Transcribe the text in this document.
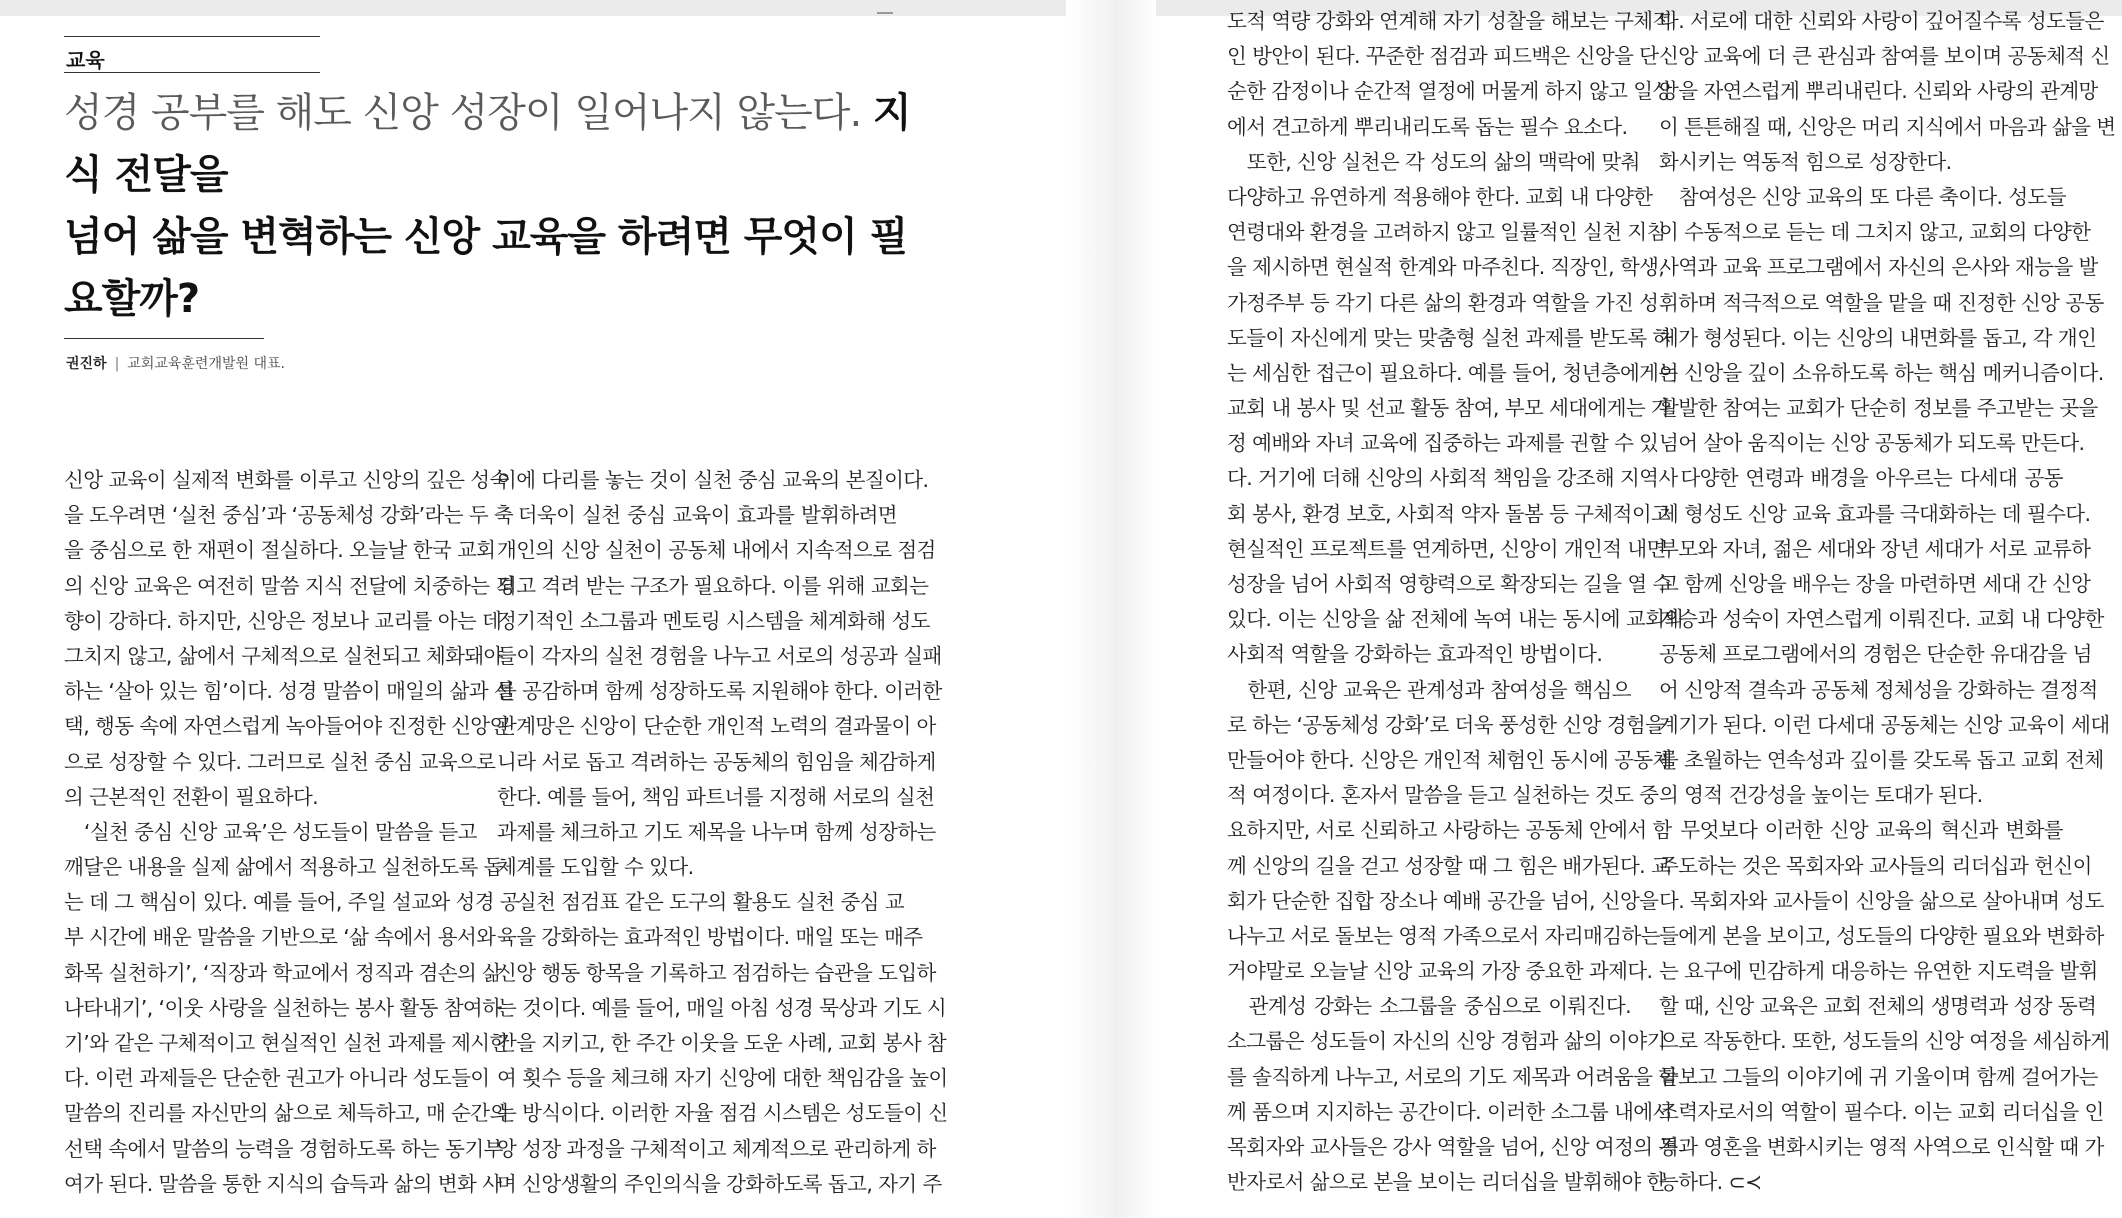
교육
성경 공부를 해도 신앙 성장이 일어나지 않는다. 지식 전달을
넘어 삶을 변혁하는 신앙 교육을 하려면 무엇이 필요할까?
권진하 | 교회교육훈련개발원 대표.
신앙 교육이 실제적 변화를 이루고 신앙의 깊은 성숙
을 도우려면 ‘실천 중심’과 ‘공동체성 강화’라는 두 축
을 중심으로 한 재편이 절실하다. 오늘날 한국 교회
의 신앙 교육은 여전히 말씀 지식 전달에 치중하는 경
향이 강하다. 하지만, 신앙은 정보나 교리를 아는 데
그치지 않고, 삶에서 구체적으로 실천되고 체화돼야
하는 ‘살아 있는 힘’이다. 성경 말씀이 매일의 삶과 선
택, 행동 속에 자연스럽게 녹아들어야 진정한 신앙인
으로 성장할 수 있다. 그러므로 실천 중심 교육으로
의 근본적인 전환이 필요하다.
　‘실천 중심 신앙 교육’은 성도들이 말씀을 듣고
깨달은 내용을 실제 삶에서 적용하고 실천하도록 돕
는 데 그 핵심이 있다. 예를 들어, 주일 설교와 성경 공
부 시간에 배운 말씀을 기반으로 ‘삶 속에서 용서와
화목 실천하기’, ‘직장과 학교에서 정직과 겸손의 삶
나타내기’, ‘이웃 사랑을 실천하는 봉사 활동 참여하
기’와 같은 구체적이고 현실적인 실천 과제를 제시한
다. 이런 과제들은 단순한 권고가 아니라 성도들이
말씀의 진리를 자신만의 삶으로 체득하고, 매 순간의
선택 속에서 말씀의 능력을 경험하도록 하는 동기부
여가 된다. 말씀을 통한 지식의 습득과 삶의 변화 사
이에 다리를 놓는 것이 실천 중심 교육의 본질이다.
　더욱이 실천 중심 교육이 효과를 발휘하려면
개인의 신앙 실천이 공동체 내에서 지속적으로 점검
되고 격려 받는 구조가 필요하다. 이를 위해 교회는
정기적인 소그룹과 멘토링 시스템을 체계화해 성도
들이 각자의 실천 경험을 나누고 서로의 성공과 실패
를 공감하며 함께 성장하도록 지원해야 한다. 이러한
관계망은 신앙이 단순한 개인적 노력의 결과물이 아
니라 서로 돕고 격려하는 공동체의 힘임을 체감하게
한다. 예를 들어, 책임 파트너를 지정해 서로의 실천
과제를 체크하고 기도 제목을 나누며 함께 성장하는
체계를 도입할 수 있다.
　실천 점검표 같은 도구의 활용도 실천 중심 교
육을 강화하는 효과적인 방법이다. 매일 또는 매주
신앙 행동 항목을 기록하고 점검하는 습관을 도입하
는 것이다. 예를 들어, 매일 아침 성경 묵상과 기도 시
간을 지키고, 한 주간 이웃을 도운 사례, 교회 봉사 참
여 횟수 등을 체크해 자기 신앙에 대한 책임감을 높이
는 방식이다. 이러한 자율 점검 시스템은 성도들이 신
앙 성장 과정을 구체적이고 체계적으로 관리하게 하
며 신앙생활의 주인의식을 강화하도록 돕고, 자기 주
도적 역량 강화와 연계해 자기 성찰을 해보는 구체적
인 방안이 된다. 꾸준한 점검과 피드백은 신앙을 단
순한 감정이나 순간적 열정에 머물게 하지 않고 일상
에서 견고하게 뿌리내리도록 돕는 필수 요소다.
　또한, 신앙 실천은 각 성도의 삶의 맥락에 맞춰
다양하고 유연하게 적용해야 한다. 교회 내 다양한
연령대와 환경을 고려하지 않고 일률적인 실천 지침
을 제시하면 현실적 한계와 마주친다. 직장인, 학생,
가정주부 등 각기 다른 삶의 환경과 역할을 가진 성
도들이 자신에게 맞는 맞춤형 실천 과제를 받도록 하
는 세심한 접근이 필요하다. 예를 들어, 청년층에게는
교회 내 봉사 및 선교 활동 참여, 부모 세대에게는 가
정 예배와 자녀 교육에 집중하는 과제를 권할 수 있
다. 거기에 더해 신앙의 사회적 책임을 강조해 지역사
회 봉사, 환경 보호, 사회적 약자 돌봄 등 구체적이고
현실적인 프로젝트를 연계하면, 신앙이 개인적 내면
성장을 넘어 사회적 영향력으로 확장되는 길을 열 수
있다. 이는 신앙을 삶 전체에 녹여 내는 동시에 교회의
사회적 역할을 강화하는 효과적인 방법이다.
　한편, 신앙 교육은 관계성과 참여성을 핵심으
로 하는 ‘공동체성 강화’로 더욱 풍성한 신앙 경험을
만들어야 한다. 신앙은 개인적 체험인 동시에 공동체
적 여정이다. 혼자서 말씀을 듣고 실천하는 것도 중
요하지만, 서로 신뢰하고 사랑하는 공동체 안에서 함
께 신앙의 길을 걷고 성장할 때 그 힘은 배가된다. 교
회가 단순한 집합 장소나 예배 공간을 넘어, 신앙을
나누고 서로 돌보는 영적 가족으로서 자리매김하는
거야말로 오늘날 신앙 교육의 가장 중요한 과제다.
　관계성 강화는 소그룹을 중심으로 이뤄진다.
소그룹은 성도들이 자신의 신앙 경험과 삶의 이야기
를 솔직하게 나누고, 서로의 기도 제목과 어려움을 함
께 품으며 지지하는 공간이다. 이러한 소그룹 내에서
목회자와 교사들은 강사 역할을 넘어, 신앙 여정의 동
반자로서 삶으로 본을 보이는 리더십을 발휘해야 한
다. 서로에 대한 신뢰와 사랑이 깊어질수록 성도들은
신앙 교육에 더 큰 관심과 참여를 보이며 공동체적 신
앙을 자연스럽게 뿌리내린다. 신뢰와 사랑의 관계망
이 튼튼해질 때, 신앙은 머리 지식에서 마음과 삶을 변
화시키는 역동적 힘으로 성장한다.
　참여성은 신앙 교육의 또 다른 축이다. 성도들
이 수동적으로 듣는 데 그치지 않고, 교회의 다양한
사역과 교육 프로그램에서 자신의 은사와 재능을 발
휘하며 적극적으로 역할을 맡을 때 진정한 신앙 공동
체가 형성된다. 이는 신앙의 내면화를 돕고, 각 개인
이 신앙을 깊이 소유하도록 하는 핵심 메커니즘이다.
활발한 참여는 교회가 단순히 정보를 주고받는 곳을
넘어 살아 움직이는 신앙 공동체가 되도록 만든다.
　다양한 연령과 배경을 아우르는 다세대 공동
체 형성도 신앙 교육 효과를 극대화하는 데 필수다.
부모와 자녀, 젊은 세대와 장년 세대가 서로 교류하
고 함께 신앙을 배우는 장을 마련하면 세대 간 신앙
계승과 성숙이 자연스럽게 이뤄진다. 교회 내 다양한
공동체 프로그램에서의 경험은 단순한 유대감을 넘
어 신앙적 결속과 공동체 정체성을 강화하는 결정적
계기가 된다. 이런 다세대 공동체는 신앙 교육이 세대
를 초월하는 연속성과 깊이를 갖도록 돕고 교회 전체
의 영적 건강성을 높이는 토대가 된다.
　무엇보다 이러한 신앙 교육의 혁신과 변화를
주도하는 것은 목회자와 교사들의 리더십과 헌신이
다. 목회자와 교사들이 신앙을 삶으로 살아내며 성도
들에게 본을 보이고, 성도들의 다양한 필요와 변화하
는 요구에 민감하게 대응하는 유연한 지도력을 발휘
할 때, 신앙 교육은 교회 전체의 생명력과 성장 동력
으로 작동한다. 또한, 성도들의 신앙 여정을 세심하게
돌보고 그들의 이야기에 귀 기울이며 함께 걸어가는
조력자로서의 역할이 필수다. 이는 교회 리더십을 인
격과 영혼을 변화시키는 영적 사역으로 인식할 때 가
능하다. ⊂≺
